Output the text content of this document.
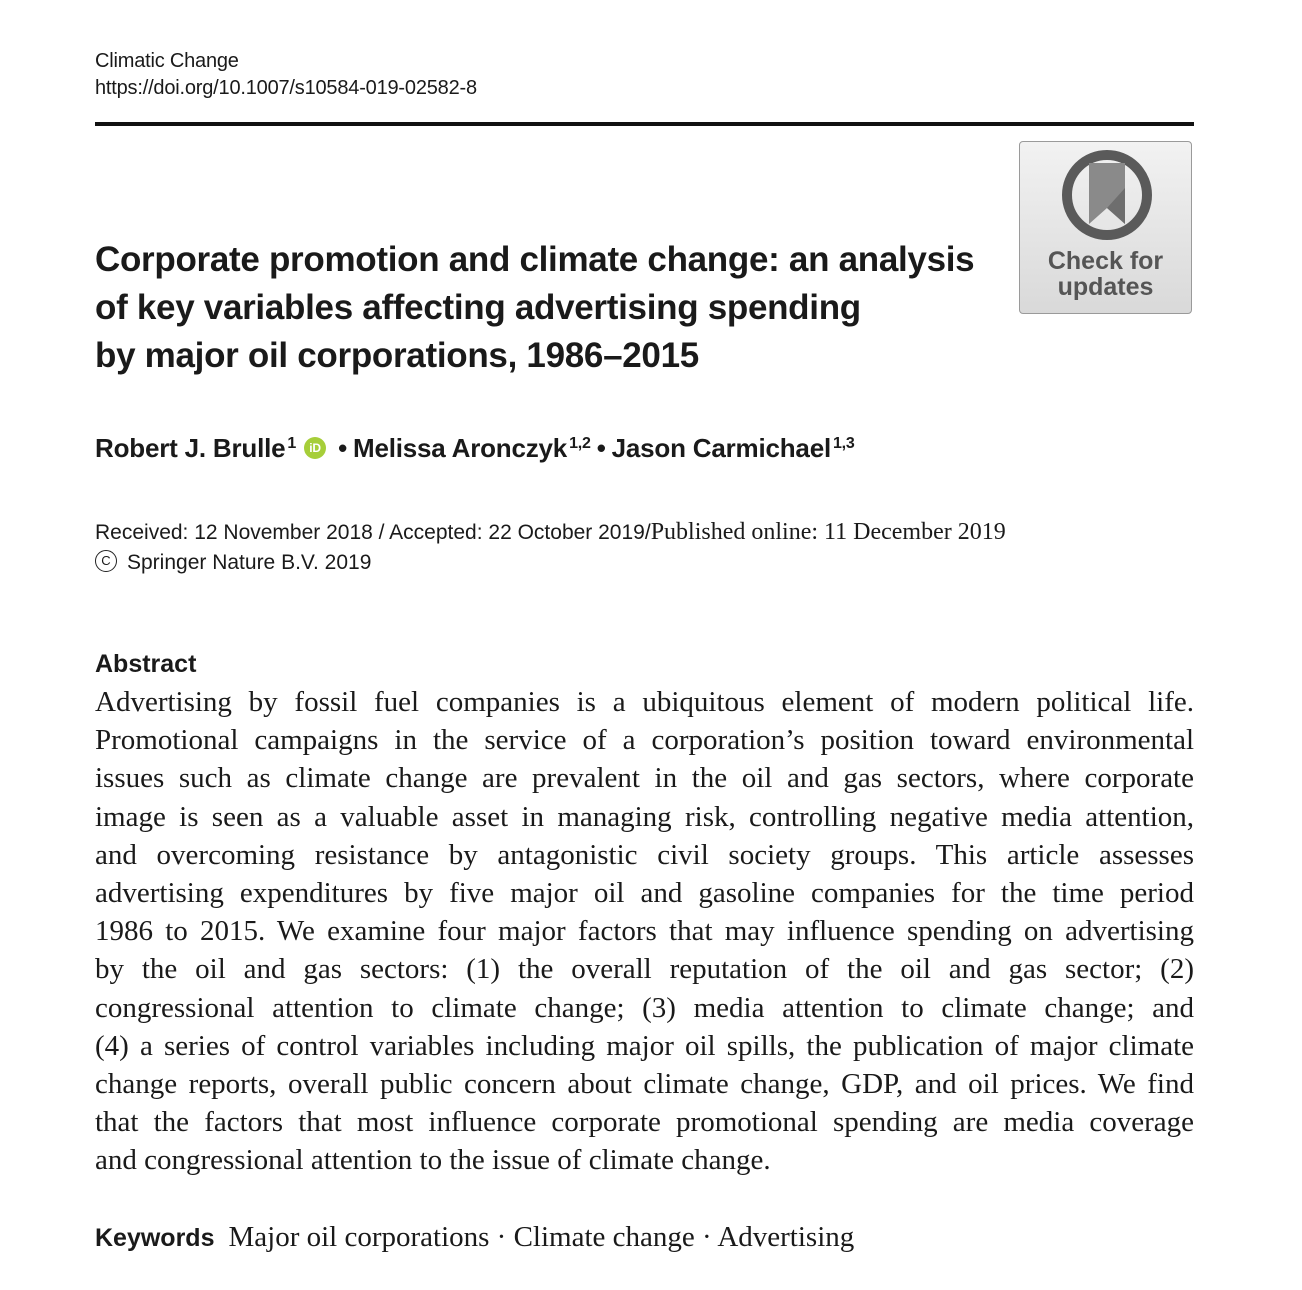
Climatic Change
https://doi.org/10.1007/s10584-019-02582-8
Check for
updates
Corporate promotion and climate change: an analysis
of key variables affecting advertising spending
by major oil corporations, 1986–2015
Robert J. Brulle $^1$ iD • Melissa Aronczyk $^{1,2}$ • Jason Carmichael $^{1,3}$
Received: 12 November 2018 / Accepted: 22 October 2019/Published online: 11 December 2019
C Springer Nature B.V. 2019
Abstract
Advertising by fossil fuel companies is a ubiquitous element of modern political life.
Promotional campaigns in the service of a corporation’s position toward environmental
issues such as climate change are prevalent in the oil and gas sectors, where corporate
image is seen as a valuable asset in managing risk, controlling negative media attention,
and overcoming resistance by antagonistic civil society groups. This article assesses
advertising expenditures by five major oil and gasoline companies for the time period
1986 to 2015. We examine four major factors that may influence spending on advertising
by the oil and gas sectors: (1) the overall reputation of the oil and gas sector; (2)
congressional attention to climate change; (3) media attention to climate change; and
(4) a series of control variables including major oil spills, the publication of major climate
change reports, overall public concern about climate change, GDP, and oil prices. We find
that the factors that most influence corporate promotional spending are media coverage
and congressional attention to the issue of climate change.
Keywords Major oil corporations · Climate change · Advertising
